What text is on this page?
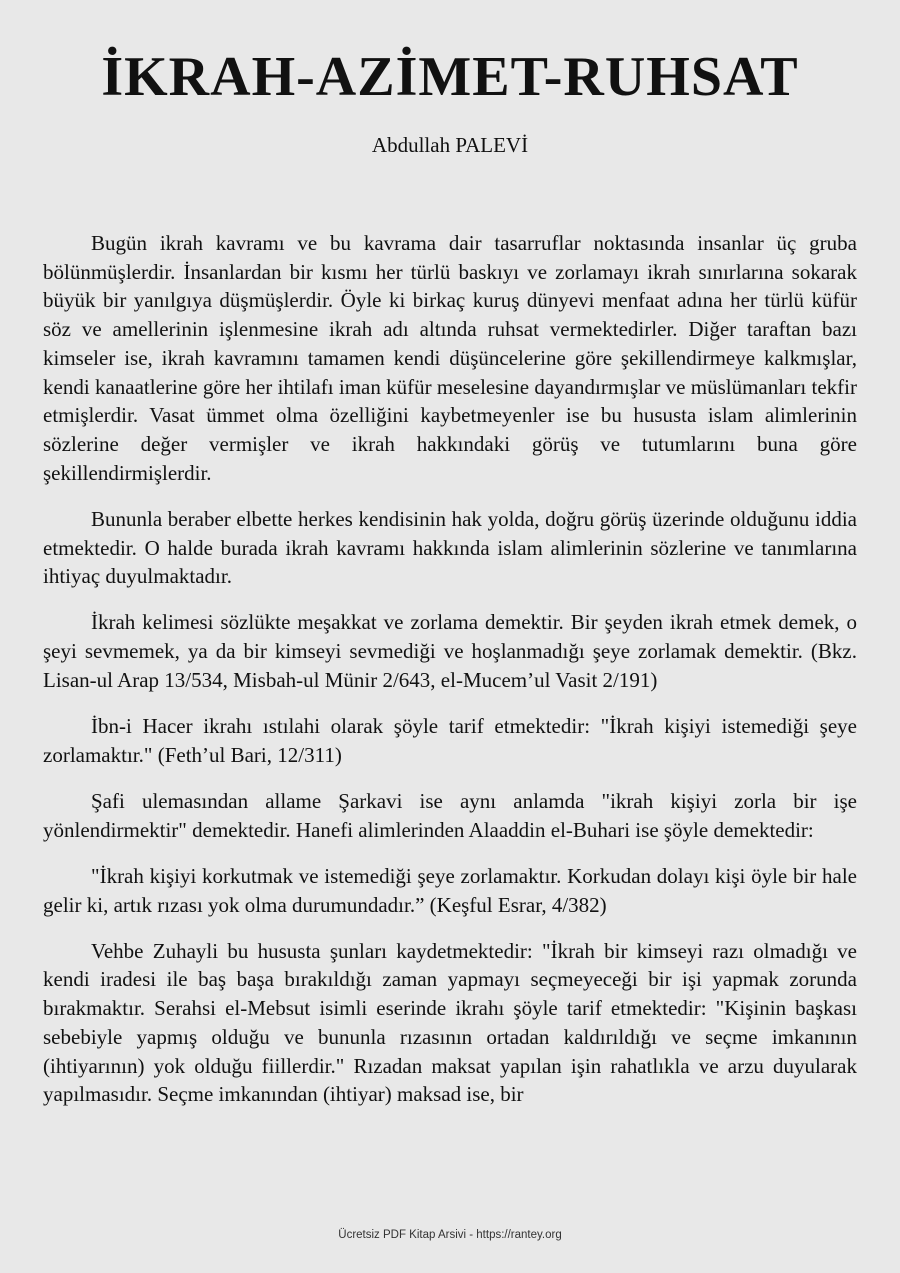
İKRAH-AZİMET-RUHSAT
Abdullah PALEVİ

Bugün ikrah kavramı ve bu kavrama dair tasarruflar noktasında insanlar üç gruba bölünmüşlerdir. İnsanlardan bir kısmı her türlü baskıyı ve zorlamayı ikrah sınırlarına sokarak büyük bir yanılgıya düşmüşlerdir. Öyle ki birkaç kuruş dünyevi menfaat adına her türlü küfür söz ve amellerinin işlenmesine ikrah adı altında ruhsat vermektedirler. Diğer taraftan bazı kimseler ise, ikrah kavramını tamamen kendi düşüncelerine göre şekillendirmeye kalkmışlar, kendi kanaatlerine göre her ihtilafı iman küfür meselesine dayandırmışlar ve müslümanları tekfir etmişlerdir. Vasat ümmet olma özelliğini kaybetmeyenler ise bu hususta islam alimlerinin sözlerine değer vermişler ve ikrah hakkındaki görüş ve tutumlarını buna göre şekillendirmişlerdir.

Bununla beraber elbette herkes kendisinin hak yolda, doğru görüş üzerinde olduğunu iddia etmektedir. O halde burada ikrah kavramı hakkında islam alimlerinin sözlerine ve tanımlarına ihtiyaç duyulmaktadır.

İkrah kelimesi sözlükte meşakkat ve zorlama demektir. Bir şeyden ikrah etmek demek, o şeyi sevmemek, ya da bir kimseyi sevmediği ve hoşlanmadığı şeye zorlamak demektir. (Bkz. Lisan-ul Arap 13/534, Misbah-ul Münir 2/643, el-Mucem’ul Vasit 2/191)

İbn-i Hacer ikrahı ıstılahi olarak şöyle tarif etmektedir: "İkrah kişiyi istemediği şeye zorlamaktır." (Feth’ul Bari, 12/311)

Şafi ulemasından allame Şarkavi ise aynı anlamda "ikrah kişiyi zorla bir işe yönlendirmektir" demektedir. Hanefi alimlerinden Alaaddin el-Buhari ise şöyle demektedir:

"İkrah kişiyi korkutmak ve istemediği şeye zorlamaktır. Korkudan dolayı kişi öyle bir hale gelir ki, artık rızası yok olma durumundadır.” (Keşful Esrar, 4/382)

Vehbe Zuhayli bu hususta şunları kaydetmektedir: "İkrah bir kimseyi razı olmadığı ve kendi iradesi ile baş başa bırakıldığı zaman yapmayı seçmeyeceği bir işi yapmak zorunda bırakmaktır. Serahsi el-Mebsut isimli eserinde ikrahı şöyle tarif etmektedir: "Kişinin başkası sebebiyle yapmış olduğu ve bununla rızasının ortadan kaldırıldığı ve seçme imkanının (ihtiyarının) yok olduğu fiillerdir." Rızadan maksat yapılan işin rahatlıkla ve arzu duyularak yapılmasıdır. Seçme imkanından (ihtiyar) maksad ise, bir

Ücretsiz PDF Kitap Arsivi - https://rantey.org
